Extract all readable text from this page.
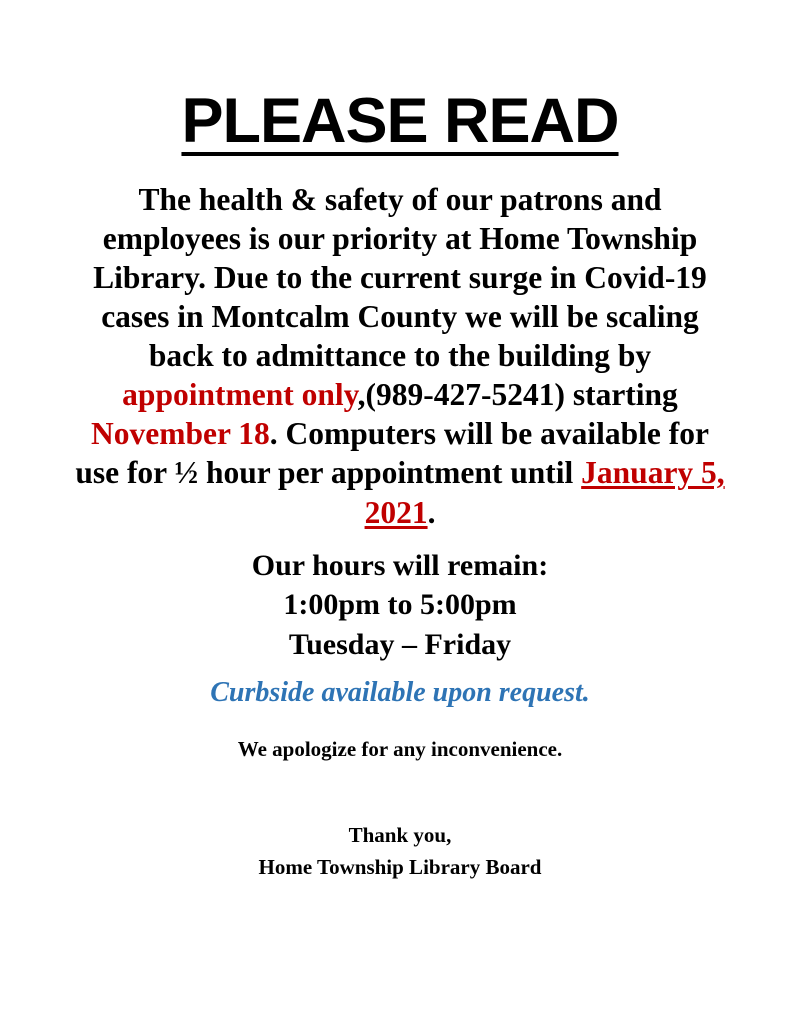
PLEASE READ

The health & safety of our patrons and employees is our priority at Home Township Library. Due to the current surge in Covid-19 cases in Montcalm County we will be scaling back to admittance to the building by appointment only,(989-427-5241) starting November 18. Computers will be available for use for ½ hour per appointment until January 5, 2021.

Our hours will remain:
1:00pm to 5:00pm
Tuesday – Friday

Curbside available upon request.

We apologize for any inconvenience.

Thank you,
Home Township Library Board
